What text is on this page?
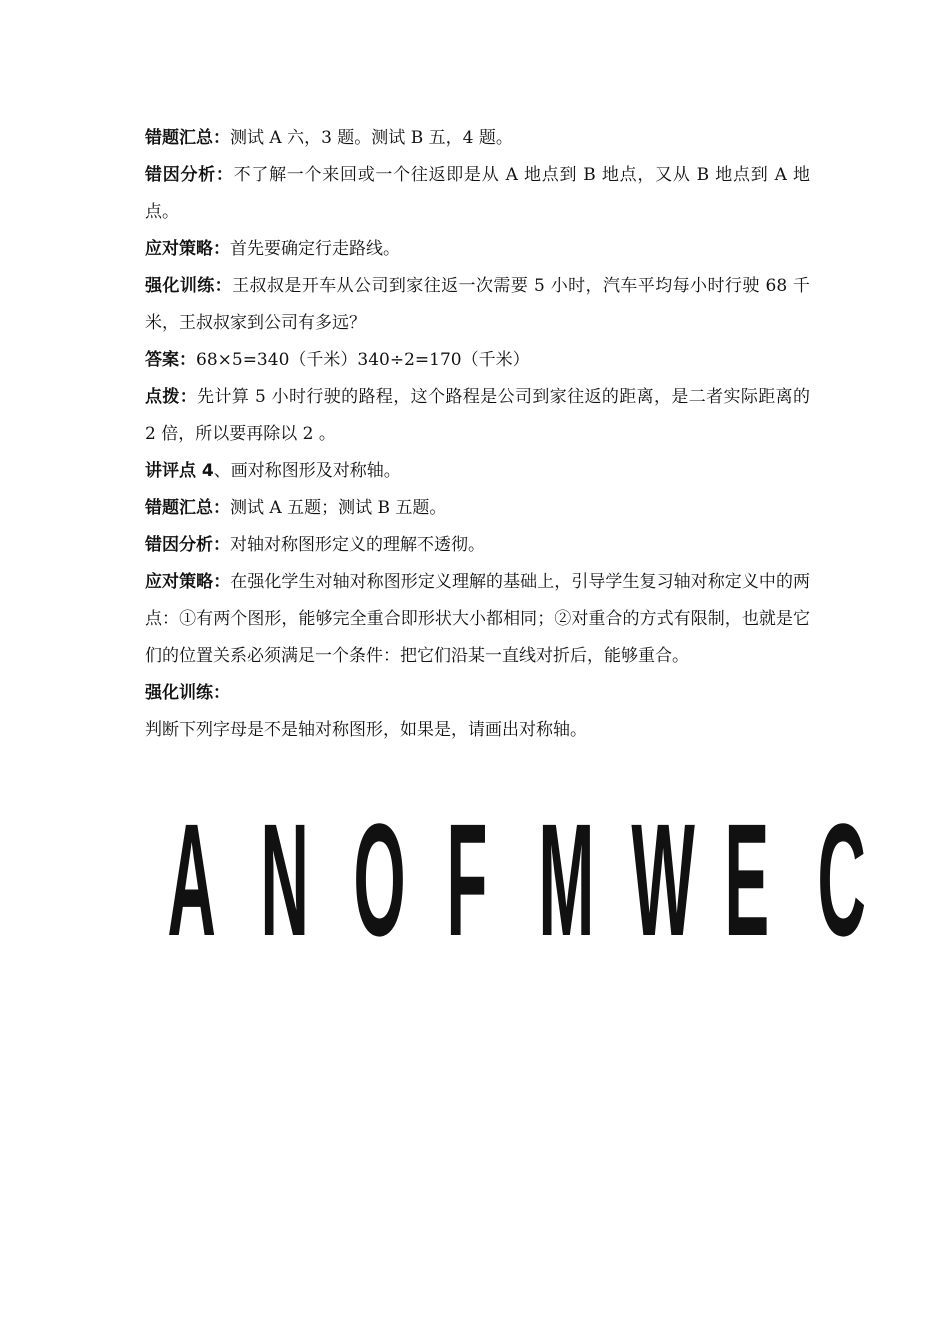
错题汇总：测试 A 六，3 题。测试 B 五，4 题。

错因分析：不了解一个来回或一个往返即是从 A 地点到 B 地点，又从 B 地点到 A 地点。

应对策略：首先要确定行走路线。

强化训练：王叔叔是开车从公司到家往返一次需要 5 小时，汽车平均每小时行驶 68 千米，王叔叔家到公司有多远？

答案：68×5=340（千米）340÷2=170（千米）

点拨：先计算 5 小时行驶的路程，这个路程是公司到家往返的距离，是二者实际距离的 2 倍，所以要再除以 2 。

讲评点 4、画对称图形及对称轴。

错题汇总：测试 A 五题；测试 B 五题。

错因分析：对轴对称图形定义的理解不透彻。

应对策略：在强化学生对轴对称图形定义理解的基础上，引导学生复习轴对称定义中的两点：①有两个图形，能够完全重合即形状大小都相同；②对重合的方式有限制，也就是它们的位置关系必须满足一个条件：把它们沿某一直线对折后，能够重合。

强化训练：

判断下列字母是不是轴对称图形，如果是，请画出对称轴。

A N O F M W E C
